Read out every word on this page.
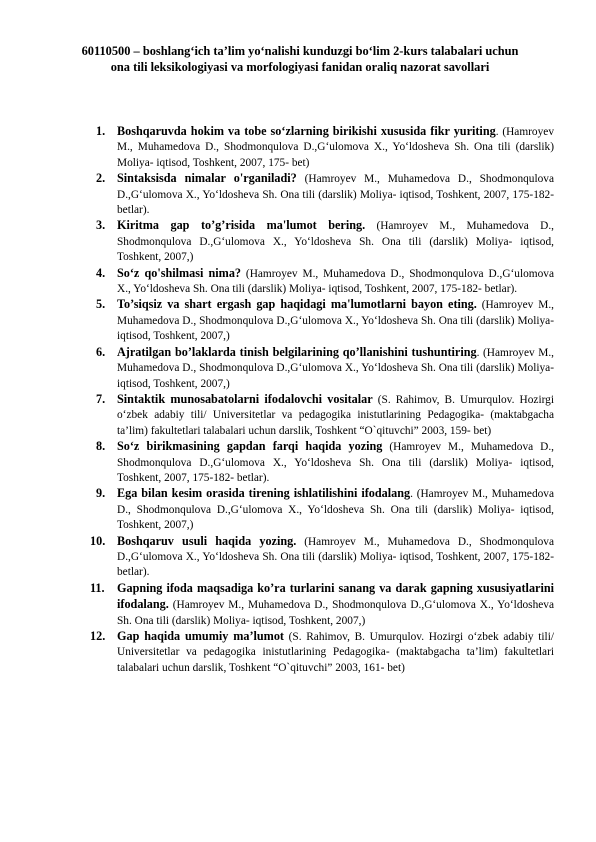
60110500 – boshlang‘ich ta’lim yo‘nalishi kunduzgi bo‘lim 2-kurs talabalari uchun ona tili leksikologiyasi va morfologiyasi fanidan oraliq nazorat savollari
1. Boshqaruvda hokim va tobe so‘zlarning birikishi xususida fikr yuriting. (Hamroyev M., Muhamedova D., Shodmonqulova D.,G‘ulomova X., Yo‘ldosheva Sh. Ona tili (darslik) Moliya- iqtisod, Toshkent, 2007, 175- bet)
2. Sintaksisda nimalar o'rganiladi? (Hamroyev M., Muhamedova D., Shodmonqulova D.,G‘ulomova X., Yo‘ldosheva Sh. Ona tili (darslik) Moliya- iqtisod, Toshkent, 2007, 175-182- betlar).
3. Kiritma gap to’g’risida ma'lumot bering. (Hamroyev M., Muhamedova D., Shodmonqulova D.,G‘ulomova X., Yo‘ldosheva Sh. Ona tili (darslik) Moliya- iqtisod, Toshkent, 2007,)
4. So‘z qo'shilmasi nima? (Hamroyev M., Muhamedova D., Shodmonqulova D.,G‘ulomova X., Yo‘ldosheva Sh. Ona tili (darslik) Moliya- iqtisod, Toshkent, 2007, 175-182- betlar).
5. To’siqsiz va shart ergash gap haqidagi ma'lumotlarni bayon eting. (Hamroyev M., Muhamedova D., Shodmonqulova D.,G‘ulomova X., Yo‘ldosheva Sh. Ona tili (darslik) Moliya- iqtisod, Toshkent, 2007,)
6. Ajratilgan bo’laklarda tinish belgilarining qo’llanishini tushuntiring. (Hamroyev M., Muhamedova D., Shodmonqulova D.,G‘ulomova X., Yo‘ldosheva Sh. Ona tili (darslik) Moliya- iqtisod, Toshkent, 2007,)
7. Sintaktik munosabatolarni ifodalovchi vositalar (S. Rahimov, B. Umurqulov. Hozirgi o‘zbek adabiy tili/ Universitetlar va pedagogika inistutlarining Pedagogika- (maktabgacha ta’lim) fakultetlari talabalari uchun darslik, Toshkent “O`qituvchi” 2003, 159- bet)
8. So‘z birikmasining gapdan farqi haqida yozing (Hamroyev M., Muhamedova D., Shodmonqulova D.,G‘ulomova X., Yo‘ldosheva Sh. Ona tili (darslik) Moliya- iqtisod, Toshkent, 2007, 175-182- betlar).
9. Ega bilan kesim orasida tirening ishlatilishini ifodalang. (Hamroyev M., Muhamedova D., Shodmonqulova D.,G‘ulomova X., Yo‘ldosheva Sh. Ona tili (darslik) Moliya- iqtisod, Toshkent, 2007,)
10. Boshqaruv usuli haqida yozing. (Hamroyev M., Muhamedova D., Shodmonqulova D.,G‘ulomova X., Yo‘ldosheva Sh. Ona tili (darslik) Moliya- iqtisod, Toshkent, 2007, 175-182- betlar).
11. Gapning ifoda maqsadiga ko’ra turlarini sanang va darak gapning xususiyatlarini ifodalang. (Hamroyev M., Muhamedova D., Shodmonqulova D.,G‘ulomova X., Yo‘ldosheva Sh. Ona tili (darslik) Moliya- iqtisod, Toshkent, 2007,)
12. Gap haqida umumiy ma’lumot (S. Rahimov, B. Umurqulov. Hozirgi o‘zbek adabiy tili/ Universitetlar va pedagogika inistutlarining Pedagogika- (maktabgacha ta’lim) fakultetlari talabalari uchun darslik, Toshkent “O`qituvchi” 2003, 161- bet)
